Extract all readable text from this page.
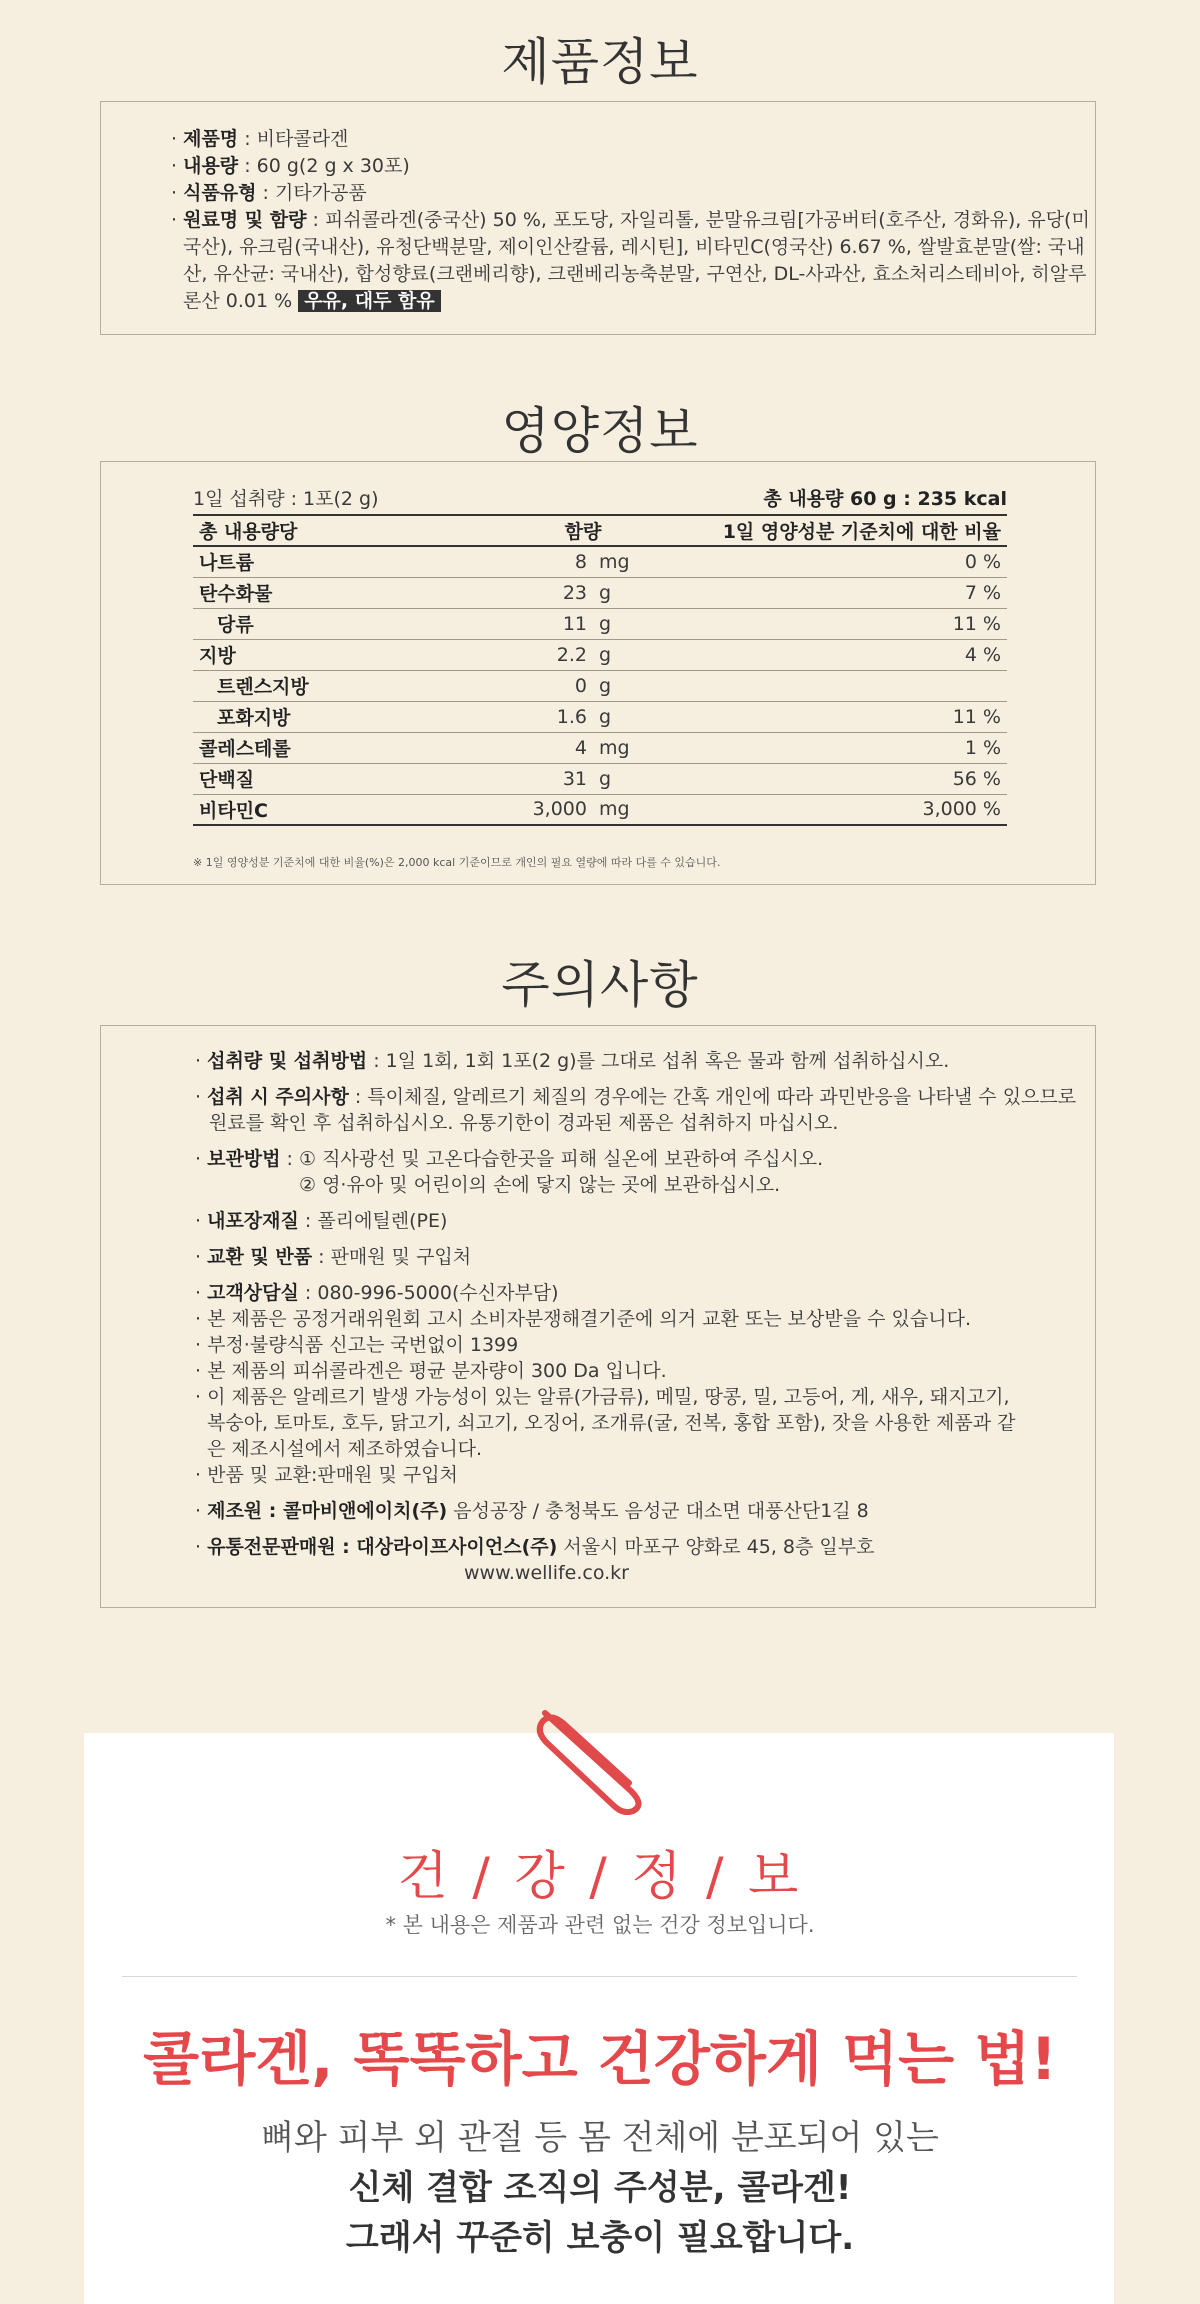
제품정보
· 제품명 : 비타콜라겐
· 내용량 : 60 g(2 g x 30포)
· 식품유형 : 기타가공품
· 원료명 및 함량 : 피쉬콜라겐(중국산) 50 %, 포도당, 자일리톨, 분말유크림[가공버터(호주산, 경화유), 유당(미국산), 유크림(국내산), 유청단백분말, 제이인산칼륨, 레시틴], 비타민C(영국산) 6.67 %, 쌀발효분말(쌀: 국내산, 유산균: 국내산), 합성향료(크랜베리향), 크랜베리농축분말, 구연산, DL-사과산, 효소처리스테비아, 히알루론산 0.01 % 우유, 대두 함유
영양정보
1일 섭취량 : 1포(2 g)	총 내용량 60 g : 235 kcal
총 내용량당	함량		1일 영양성분 기준치에 대한 비율
나트륨	8	mg	0 %
탄수화물	23	g	7 %
당류	11	g	11 %
지방	2.2	g	4 %
트렌스지방	0	g	
포화지방	1.6	g	11 %
콜레스테롤	4	mg	1 %
단백질	31	g	56 %
비타민C	3,000	mg	3,000 %
※ 1일 영양성분 기준치에 대한 비율(%)은 2,000 kcal 기준이므로 개인의 필요 열량에 따라 다를 수 있습니다.
주의사항
· 섭취량 및 섭취방법 : 1일 1회, 1회 1포(2 g)를 그대로 섭취 혹은 물과 함께 섭취하십시오.
· 섭취 시 주의사항 : 특이체질, 알레르기 체질의 경우에는 간혹 개인에 따라 과민반응을 나타낼 수 있으므로
원료를 확인 후 섭취하십시오. 유통기한이 경과된 제품은 섭취하지 마십시오.
· 보관방법 : ① 직사광선 및 고온다습한곳을 피해 실온에 보관하여 주십시오.
② 영·유아 및 어린이의 손에 닿지 않는 곳에 보관하십시오.
· 내포장재질 : 폴리에틸렌(PE)
· 교환 및 반품 : 판매원 및 구입처
· 고객상담실 : 080-996-5000(수신자부담)
· 본 제품은 공정거래위원회 고시 소비자분쟁해결기준에 의거 교환 또는 보상받을 수 있습니다.
· 부정·불량식품 신고는 국번없이 1399
· 본 제품의 피쉬콜라겐은 평균 분자량이 300 Da 입니다.
· 이 제품은 알레르기 발생 가능성이 있는 알류(가금류), 메밀, 땅콩, 밀, 고등어, 게, 새우, 돼지고기, 복숭아, 토마토, 호두, 닭고기, 쇠고기, 오징어, 조개류(굴, 전복, 홍합 포함), 잣을 사용한 제품과 같은 제조시설에서 제조하였습니다.
· 반품 및 교환:판매원 및 구입처
· 제조원 : 콜마비앤에이치(주) 음성공장 / 충청북도 음성군 대소면 대풍산단1길 8
· 유통전문판매원 : 대상라이프사이언스(주) 서울시 마포구 양화로 45, 8층 일부호
www.wellife.co.kr
건 / 강 / 정 / 보
* 본 내용은 제품과 관련 없는 건강 정보입니다.
콜라겐, 똑똑하고 건강하게 먹는 법!
뼈와 피부 외 관절 등 몸 전체에 분포되어 있는
신체 결합 조직의 주성분, 콜라겐!
그래서 꾸준히 보충이 필요합니다.
